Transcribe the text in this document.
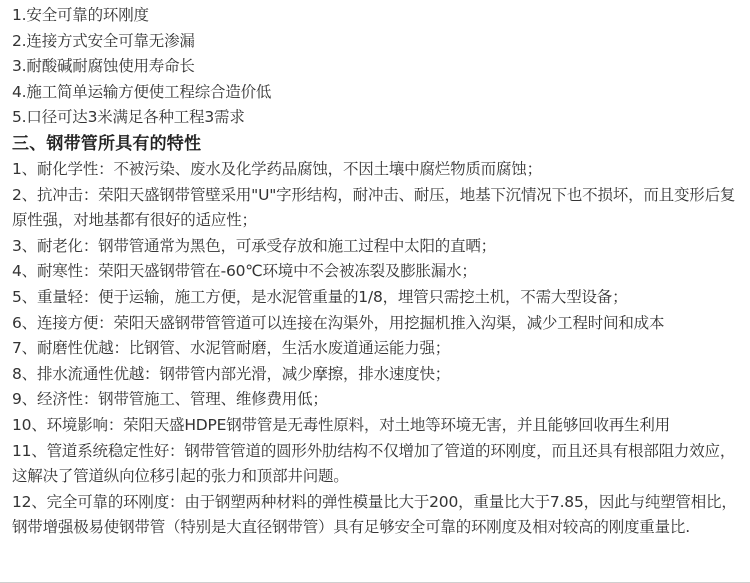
1.安全可靠的环刚度
2.连接方式安全可靠无渗漏
3.耐酸碱耐腐蚀使用寿命长
4.施工简单运输方便使工程综合造价低
5.口径可达3米满足各种工程3需求
三、钢带管所具有的特性
1、耐化学性：不被污染、废水及化学药品腐蚀，不因土壤中腐烂物质而腐蚀；
2、抗冲击：荣阳天盛钢带管壁采用"U"字形结构，耐冲击、耐压，地基下沉情况下也不损坏，而且变形后复原性强，对地基都有很好的适应性；
3、耐老化：钢带管通常为黑色，可承受存放和施工过程中太阳的直晒；
4、耐寒性：荣阳天盛钢带管在-60℃环境中不会被冻裂及膨胀漏水；
5、重量轻：便于运输，施工方便，是水泥管重量的1/8，埋管只需挖土机，不需大型设备；
6、连接方便：荣阳天盛钢带管管道可以连接在沟渠外，用挖掘机推入沟渠，减少工程时间和成本
7、耐磨性优越：比钢管、水泥管耐磨，生活水废道通运能力强；
8、排水流通性优越：钢带管内部光滑，减少摩擦，排水速度快；
9、经济性：钢带管施工、管理、维修费用低；
10、环境影响：荣阳天盛HDPE钢带管是无毒性原料，对土地等环境无害，并且能够回收再生利用
11、管道系统稳定性好：钢带管管道的圆形外肋结构不仅增加了管道的环刚度，而且还具有根部阻力效应，这解决了管道纵向位移引起的张力和顶部井问题。
12、完全可靠的环刚度：由于钢塑两种材料的弹性模量比大于200，重量比大于7.85，因此与纯塑管相比，钢带增强极易使钢带管（特别是大直径钢带管）具有足够安全可靠的环刚度及相对较高的刚度重量比.
